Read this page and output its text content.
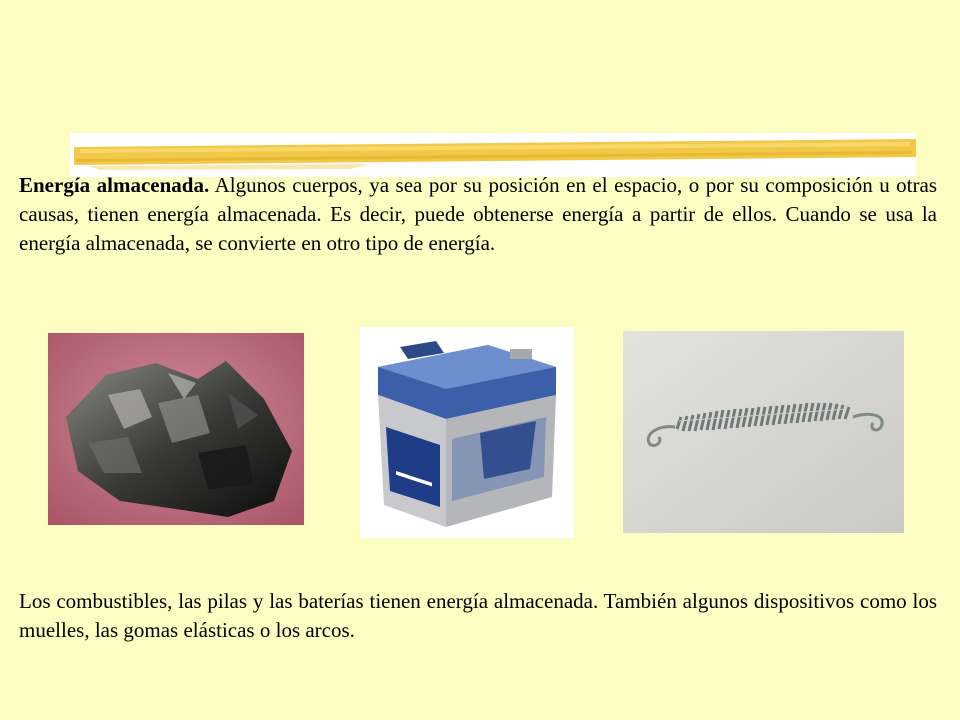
Energía almacenada. Algunos cuerpos, ya sea por su posición en el espacio, o por su composición u otras causas, tienen energía almacenada. Es decir, puede obtenerse energía a partir de ellos. Cuando se usa la energía almacenada, se convierte en otro tipo de energía.

▬▬▬

Los combustibles, las pilas y las baterías tienen energía almacenada. También algunos dispositivos como los muelles, las gomas elásticas o los arcos.
